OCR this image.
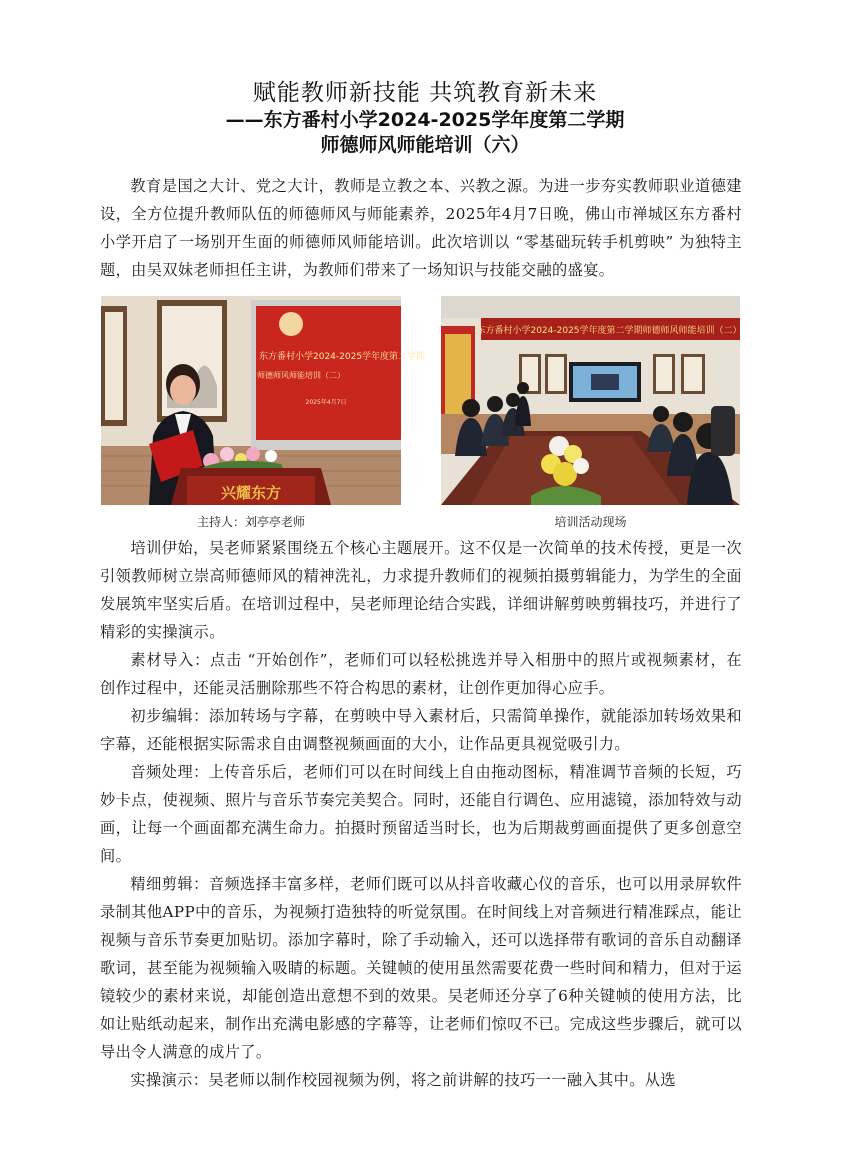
赋能教师新技能 共筑教育新未来
——东方番村小学2024-2025学年度第二学期
师德师风师能培训（六）

教育是国之大计、党之大计，教师是立教之本、兴教之源。为进一步夯实教师职业道德建设，全方位提升教师队伍的师德师风与师能素养，2025年4月7日晚，佛山市禅城区东方番村小学开启了一场别开生面的师德师风师能培训。此次培训以 “零基础玩转手机剪映” 为独特主题，由吴双妹老师担任主讲，为教师们带来了一场知识与技能交融的盛宴。

东方番村小学2024-2025学年度第二学期
师德师风师能培训（二）
2025年4月7日
兴耀东方
主持人：刘亭亭老师
东方番村小学2024-2025学年度第二学期师德师风师能培训（二）
培训活动现场

培训伊始，吴老师紧紧围绕五个核心主题展开。这不仅是一次简单的技术传授，更是一次引领教师树立崇高师德师风的精神洗礼，力求提升教师们的视频拍摄剪辑能力，为学生的全面发展筑牢坚实后盾。在培训过程中，吴老师理论结合实践，详细讲解剪映剪辑技巧，并进行了精彩的实操演示。

素材导入：点击 “开始创作”，老师们可以轻松挑选并导入相册中的照片或视频素材，在创作过程中，还能灵活删除那些不符合构思的素材，让创作更加得心应手。

初步编辑：添加转场与字幕，在剪映中导入素材后，只需简单操作，就能添加转场效果和字幕，还能根据实际需求自由调整视频画面的大小，让作品更具视觉吸引力。

音频处理：上传音乐后，老师们可以在时间线上自由拖动图标，精准调节音频的长短，巧妙卡点，使视频、照片与音乐节奏完美契合。同时，还能自行调色、应用滤镜，添加特效与动画，让每一个画面都充满生命力。拍摄时预留适当时长，也为后期裁剪画面提供了更多创意空间。

精细剪辑：音频选择丰富多样，老师们既可以从抖音收藏心仪的音乐，也可以用录屏软件录制其他APP中的音乐，为视频打造独特的听觉氛围。在时间线上对音频进行精准踩点，能让视频与音乐节奏更加贴切。添加字幕时，除了手动输入，还可以选择带有歌词的音乐自动翻译歌词，甚至能为视频输入吸睛的标题。关键帧的使用虽然需要花费一些时间和精力，但对于运镜较少的素材来说，却能创造出意想不到的效果。吴老师还分享了6种关键帧的使用方法，比如让贴纸动起来，制作出充满电影感的字幕等，让老师们惊叹不已。完成这些步骤后，就可以导出令人满意的成片了。

实操演示：吴老师以制作校园视频为例，将之前讲解的技巧一一融入其中。从选
